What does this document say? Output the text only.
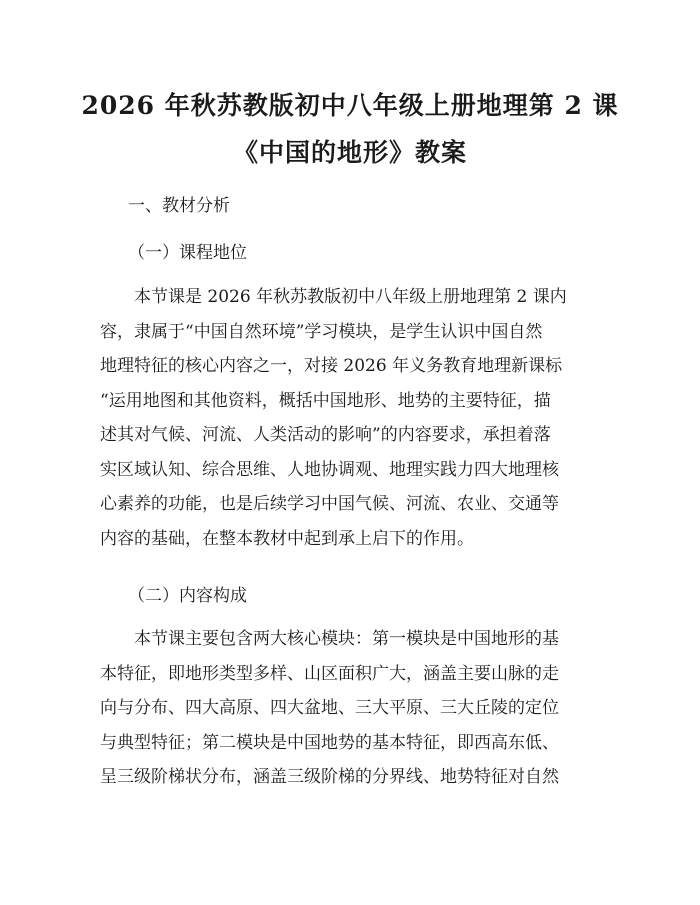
2026 年秋苏教版初中八年级上册地理第 2 课
《中国的地形》教案
一、教材分析
（一）课程地位
本节课是 2026 年秋苏教版初中八年级上册地理第 2 课内
容，隶属于“中国自然环境”学习模块，是学生认识中国自然
地理特征的核心内容之一，对接 2026 年义务教育地理新课标
“运用地图和其他资料，概括中国地形、地势的主要特征，描
述其对气候、河流、人类活动的影响”的内容要求，承担着落
实区域认知、综合思维、人地协调观、地理实践力四大地理核
心素养的功能，也是后续学习中国气候、河流、农业、交通等
内容的基础，在整本教材中起到承上启下的作用。
（二）内容构成
本节课主要包含两大核心模块：第一模块是中国地形的基
本特征，即地形类型多样、山区面积广大，涵盖主要山脉的走
向与分布、四大高原、四大盆地、三大平原、三大丘陵的定位
与典型特征；第二模块是中国地势的基本特征，即西高东低、
呈三级阶梯状分布，涵盖三级阶梯的分界线、地势特征对自然
